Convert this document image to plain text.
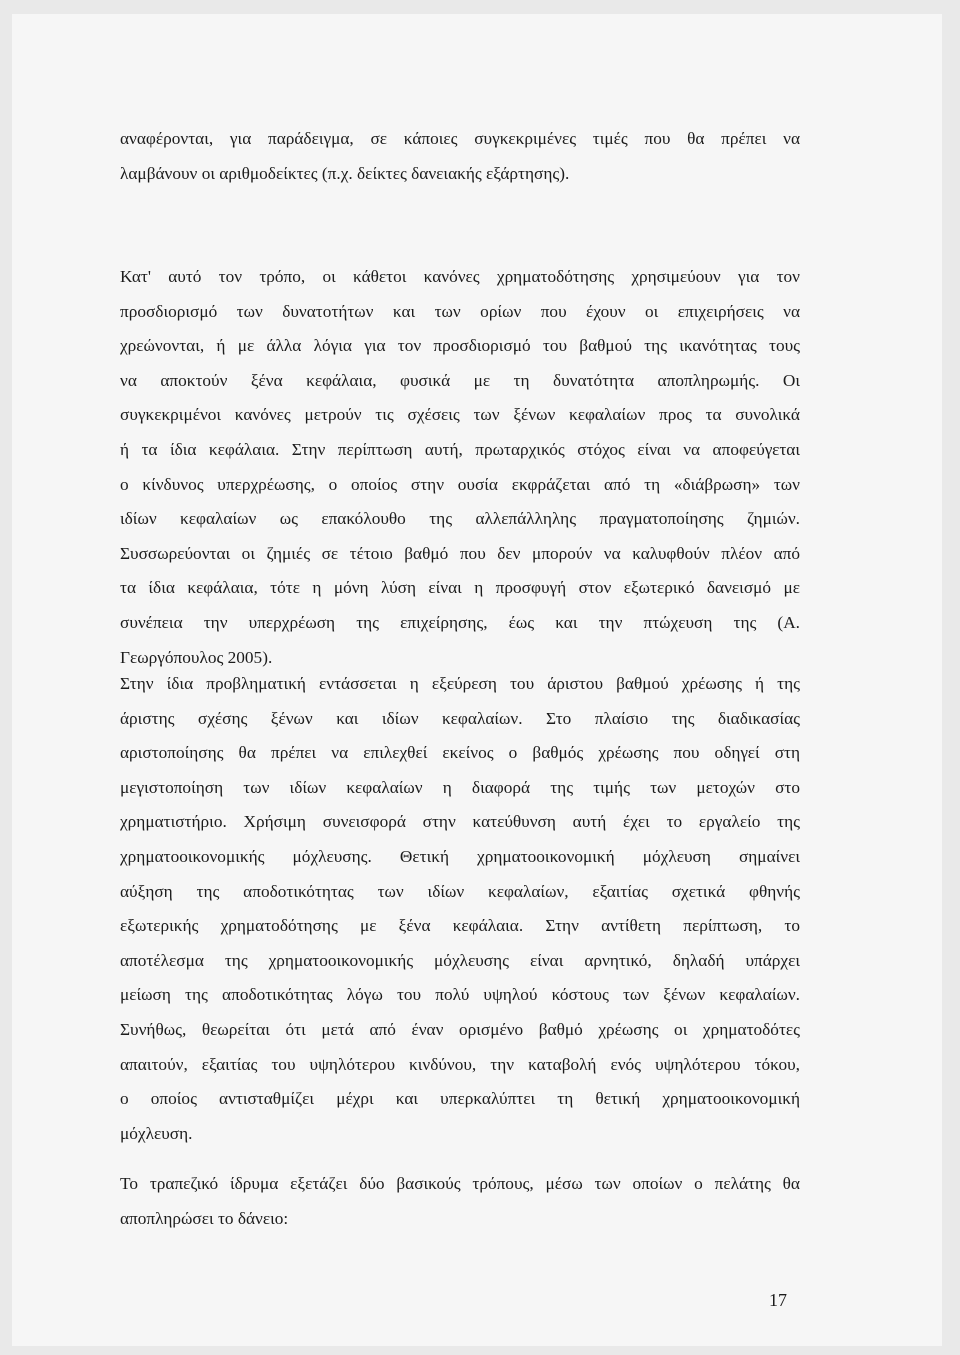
αναφέρονται, για παράδειγμα, σε κάποιες συγκεκριμένες τιμές που θα πρέπει να
λαμβάνουν οι αριθμοδείκτες (π.χ. δείκτες δανειακής εξάρτησης).
Κατ' αυτό τον τρόπο, οι κάθετοι κανόνες χρηματοδότησης χρησιμεύουν για τον
προσδιορισμό των δυνατοτήτων και των ορίων που έχουν οι επιχειρήσεις να
χρεώνονται, ή με άλλα λόγια για τον προσδιορισμό του βαθμού της ικανότητας τους
να αποκτούν ξένα κεφάλαια, φυσικά με τη δυνατότητα αποπληρωμής. Οι
συγκεκριμένοι κανόνες μετρούν τις σχέσεις των ξένων κεφαλαίων προς τα συνολικά
ή τα ίδια κεφάλαια. Στην περίπτωση αυτή, πρωταρχικός στόχος είναι να αποφεύγεται
ο κίνδυνος υπερχρέωσης, ο οποίος στην ουσία εκφράζεται από τη «διάβρωση» των
ιδίων κεφαλαίων ως επακόλουθο της αλλεπάλληλης πραγματοποίησης ζημιών.
Συσσωρεύονται οι ζημιές σε τέτοιο βαθμό που δεν μπορούν να καλυφθούν πλέον από
τα ίδια κεφάλαια, τότε η μόνη λύση είναι η προσφυγή στον εξωτερικό δανεισμό με
συνέπεια την υπερχρέωση της επιχείρησης, έως και την πτώχευση της (Α.
Γεωργόπουλος 2005).
Στην ίδια προβληματική εντάσσεται η εξεύρεση του άριστου βαθμού χρέωσης ή της
άριστης σχέσης ξένων και ιδίων κεφαλαίων. Στο πλαίσιο της διαδικασίας
αριστοποίησης θα πρέπει να επιλεχθεί εκείνος ο βαθμός χρέωσης που οδηγεί στη
μεγιστοποίηση των ιδίων κεφαλαίων η διαφορά της τιμής των μετοχών στο
χρηματιστήριο. Χρήσιμη συνεισφορά στην κατεύθυνση αυτή έχει το εργαλείο της
χρηματοοικονομικής μόχλευσης. Θετική χρηματοοικονομική μόχλευση σημαίνει
αύξηση της αποδοτικότητας των ιδίων κεφαλαίων, εξαιτίας σχετικά φθηνής
εξωτερικής χρηματοδότησης με ξένα κεφάλαια. Στην αντίθετη περίπτωση, το
αποτέλεσμα της χρηματοοικονομικής μόχλευσης είναι αρνητικό, δηλαδή υπάρχει
μείωση της αποδοτικότητας λόγω του πολύ υψηλού κόστους των ξένων κεφαλαίων.
Συνήθως, θεωρείται ότι μετά από έναν ορισμένο βαθμό χρέωσης οι χρηματοδότες
απαιτούν, εξαιτίας του υψηλότερου κινδύνου, την καταβολή ενός υψηλότερου τόκου,
ο οποίος αντισταθμίζει μέχρι και υπερκαλύπτει τη θετική χρηματοοικονομική
μόχλευση.
Το τραπεζικό ίδρυμα εξετάζει δύο βασικούς τρόπους, μέσω των οποίων ο πελάτης θα
αποπληρώσει το δάνειο:
17
